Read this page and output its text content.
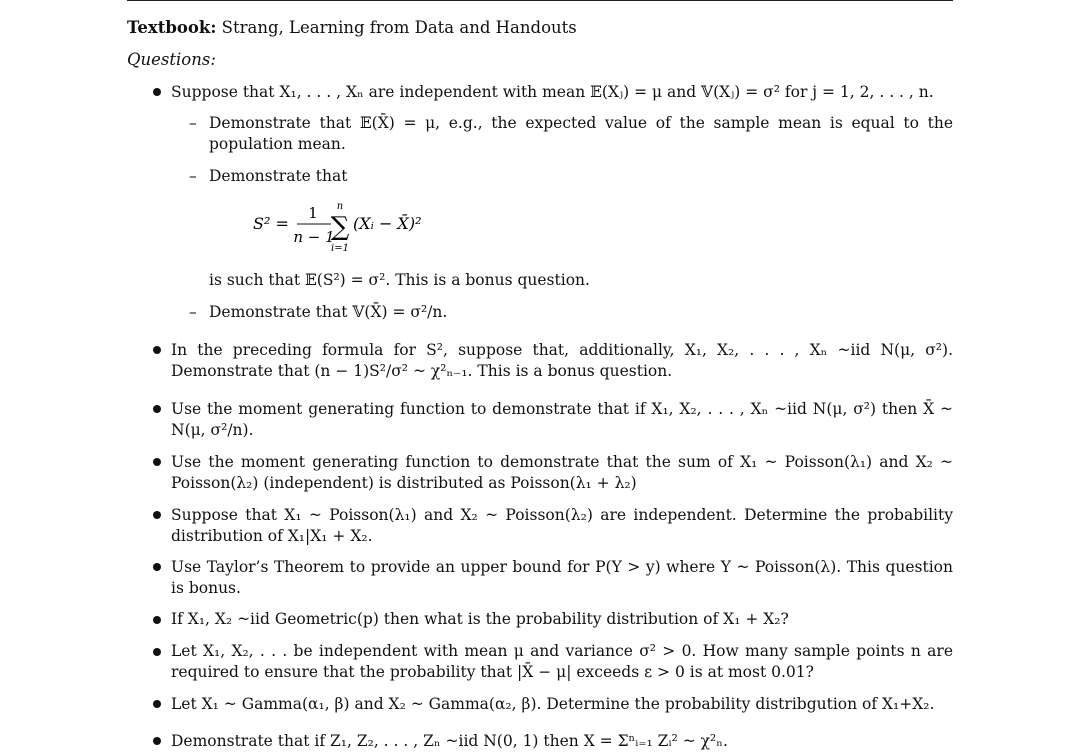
Textbook: Strang, Learning from Data and Handouts
Questions:
Suppose that X₁, . . . , Xₙ are independent with mean 𝔼(Xⱼ) = μ and 𝕍(Xⱼ) = σ² for j = 1, 2, . . . , n.
– Demonstrate that 𝔼(X̄) = μ, e.g., the expected value of the sample mean is equal to the population mean.
– Demonstrate that
S² =
1
n − 1
n
∑
i=1
(Xᵢ − X̄)²
is such that 𝔼(S²) = σ². This is a bonus question.
– Demonstrate that 𝕍(X̄) = σ²/n.
In the preceding formula for S², suppose that, additionally, X₁, X₂, . . . , Xₙ ~iid N(μ, σ²). Demonstrate that (n − 1)S²/σ² ~ χ²ₙ₋₁. This is a bonus question.
Use the moment generating function to demonstrate that if X₁, X₂, . . . , Xₙ ~iid N(μ, σ²) then X̄ ~ N(μ, σ²/n).
Use the moment generating function to demonstrate that the sum of X₁ ~ Poisson(λ₁) and X₂ ~ Poisson(λ₂) (independent) is distributed as Poisson(λ₁ + λ₂)
Suppose that X₁ ~ Poisson(λ₁) and X₂ ~ Poisson(λ₂) are independent. Determine the probability distribution of X₁|X₁ + X₂.
Use Taylor’s Theorem to provide an upper bound for P(Y > y) where Y ~ Poisson(λ). This question is bonus.
If X₁, X₂ ~iid Geometric(p) then what is the probability distribution of X₁ + X₂?
Let X₁, X₂, . . . be independent with mean μ and variance σ² > 0. How many sample points n are required to ensure that the probability that |X̄ − μ| exceeds ε > 0 is at most 0.01?
Let X₁ ~ Gamma(α₁, β) and X₂ ~ Gamma(α₂, β). Determine the probability distribgution of X₁+X₂.
Demonstrate that if Z₁, Z₂, . . . , Zₙ ~iid N(0, 1) then X = Σⁿᵢ₌₁ Zᵢ² ~ χ²ₙ.
